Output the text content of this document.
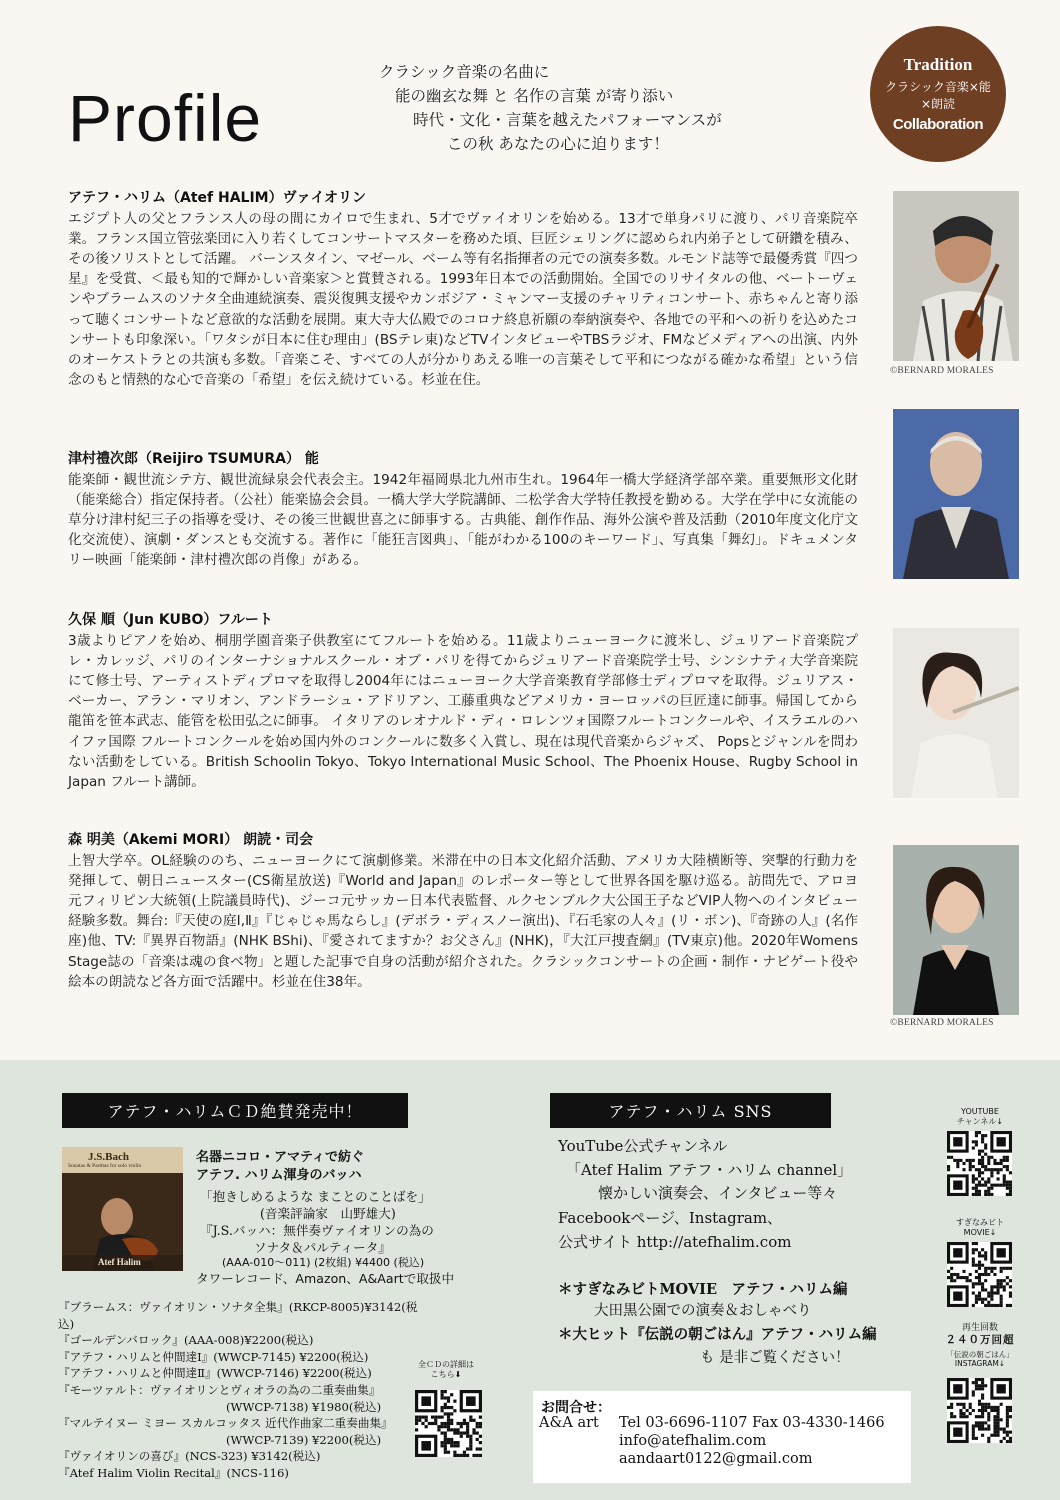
Profile
クラシック音楽の名曲に
能の幽玄な舞 と 名作の言葉 が寄り添い
時代・文化・言葉を越えたパフォーマンスが
この秋 あなたの心に迫ります！
Tradition
クラシック音楽×能
×朗読
Collaboration
アテフ・ハリム（Atef HALIM）ヴァイオリン
エジプト人の父とフランス人の母の間にカイロで生まれ、5才でヴァイオリンを始める。13才で単身パリに渡り、パリ音楽院卒業。フランス国立管弦楽団に入り若くしてコンサートマスターを務めた頃、巨匠シェリングに認められ内弟子として研鑽を積み、その後ソリストとして活躍。 バーンスタイン、マゼール、ベーム等有名指揮者の元での演奏多数。ルモンド誌等で最優秀賞『四つ星』を受賞、＜最も知的で輝かしい音楽家＞と賞賛される。1993年日本での活動開始。全国でのリサイタルの他、ベートーヴェンやブラームスのソナタ全曲連続演奏、震災復興支援やカンボジア・ミャンマー支援のチャリティコンサート、赤ちゃんと寄り添って聴くコンサートなど意欲的な活動を展開。東大寺大仏殿でのコロナ終息祈願の奉納演奏や、各地での平和への祈りを込めたコンサートも印象深い。「ワタシが日本に住む理由」(BSテレ東)などTVインタビューやTBSラジオ、FMなどメディアへの出演、内外のオーケストラとの共演も多数。「音楽こそ、すべての人が分かりあえる唯一の言葉そして平和につながる確かな希望」という信念のもと情熱的な心で音楽の「希望」を伝え続けている。杉並在住。
©BERNARD MORALES
津村禮次郎（Reijiro TSUMURA） 能
能楽師・観世流シテ方、観世流緑泉会代表会主。1942年福岡県北九州市生れ。1964年一橋大学経済学部卒業。重要無形文化財（能楽総合）指定保持者。（公社）能楽協会会員。一橋大学大学院講師、二松学舎大学特任教授を勤める。大学在学中に女流能の草分け津村紀三子の指導を受け、その後三世観世喜之に師事する。古典能、創作作品、海外公演や普及活動（2010年度文化庁文化交流使）、演劇・ダンスとも交流する。著作に「能狂言図典」、「能がわかる100のキーワード」、写真集「舞幻」。ドキュメンタリー映画「能楽師・津村禮次郎の肖像」がある。
久保 順（Jun KUBO）フルート
3歳よりピアノを始め、桐朋学園音楽子供教室にてフルートを始める。11歳よりニューヨークに渡米し、ジュリアード音楽院プレ・カレッジ、パリのインターナショナルスクール・オブ・パリを得てからジュリアード音楽院学士号、シンシナティ大学音楽院にて修士号、アーティストディプロマを取得し2004年にはニューヨーク大学音楽教育学部修士ディプロマを取得。ジュリアス・ベーカー、アラン・マリオン、アンドラーシュ・アドリアン、工藤重典などアメリカ・ヨーロッパの巨匠達に師事。帰国してから龍笛を笹本武志、能管を松田弘之に師事。 イタリアのレオナルド・ディ・ロレンツォ国際フルートコンクールや、イスラエルのハイファ国際 フルートコンクールを始め国内外のコンクールに数多く入賞し、現在は現代音楽からジャズ、 Popsとジャンルを問わない活動をしている。British Schoolin Tokyo、Tokyo International Music School、The Phoenix House、Rugby School in Japan フルート講師。
森 明美（Akemi MORI） 朗読・司会
上智大学卒。OL経験ののち、ニューヨークにて演劇修業。米滞在中の日本文化紹介活動、アメリカ大陸横断等、突撃的行動力を発揮して、朝日ニュースター(CS衛星放送)『World and Japan』のレポーター等として世界各国を駆け巡る。訪問先で、アロヨ元フィリピン大統領(上院議員時代)、ジーコ元サッカー日本代表監督、ルクセンブルク大公国王子などVIP人物へのインタビュー経験多数。舞台:『天使の庭Ⅰ,Ⅱ』『じゃじゃ馬ならし』(デボラ・ディスノー演出)、『石毛家の人々』(リ・ボン)、『奇跡の人』(名作座)他、TV:『異界百物語』(NHK BShi)、『愛されてますか？お父さん』(NHK)，『大江戸捜査網』(TV東京)他。2020年Womens Stage誌の「音楽は魂の食べ物」と題した記事で自身の活動が紹介された。クラシックコンサートの企画・制作・ナビゲート役や絵本の朗読など各方面で活躍中。杉並在住38年。
©BERNARD MORALES
アテフ・ハリムＣＤ絶賛発売中！
J.S.Bach
Sonatas & Partitas for solo violin
Atef Halim
名器ニコロ・アマティで紡ぐ
アテフ. ハリム渾身のバッハ
「抱きしめるような まことのことばを」
(音楽評論家　山野雄大)
『J.S.バッハ：無伴奏ヴァイオリンの為の
ソナタ＆パルティータ』
(AAA-010〜011) (2枚組) ¥4400 (税込)
タワーレコード、Amazon、A&Aartで取扱中
『ブラームス：ヴァイオリン・ソナタ全集』(RKCP-8005)¥3142(税込)
『ゴールデンバロック』(AAA-008)¥2200(税込)
『アテフ・ハリムと仲間達Ⅰ』(WWCP-7145) ¥2200(税込)
『アテフ・ハリムと仲間達Ⅱ』(WWCP-7146) ¥2200(税込)
『モーツァルト：ヴァイオリンとヴィオラの為の二重奏曲集』
(WWCP-7138) ¥1980(税込)
『マルテイヌー ミヨー スカルコッタス 近代作曲家二重奏曲集』
(WWCP-7139) ¥2200(税込)
『ヴァイオリンの喜び』(NCS-323) ¥3142(税込)
『Atef Halim Violin Recital』(NCS-116)
全ＣＤの詳細は
こちら⬇
アテフ・ハリム SNS
YouTube公式チャンネル
「Atef Halim アテフ・ハリム channel」
懐かしい演奏会、インタビュー等々
Facebookページ、Instagram、
公式サイト http://atefhalim.com
＊すぎなみビトMOVIE　アテフ・ハリム編
大田黒公園での演奏＆おしゃべり
＊大ヒット『伝説の朝ごはん』アテフ・ハリム編
も 是非ご覧ください！
YOUTUBE
チャンネル↓
すぎなみビト
MOVIE↓
再生回数
２４０万回超
「伝説の朝ごはん」
INSTAGRAM↓
お問合せ：
A&A art Tel 03-6696-1107 Fax 03-4330-1466
info@atefhalim.com
aandaart0122@gmail.com
